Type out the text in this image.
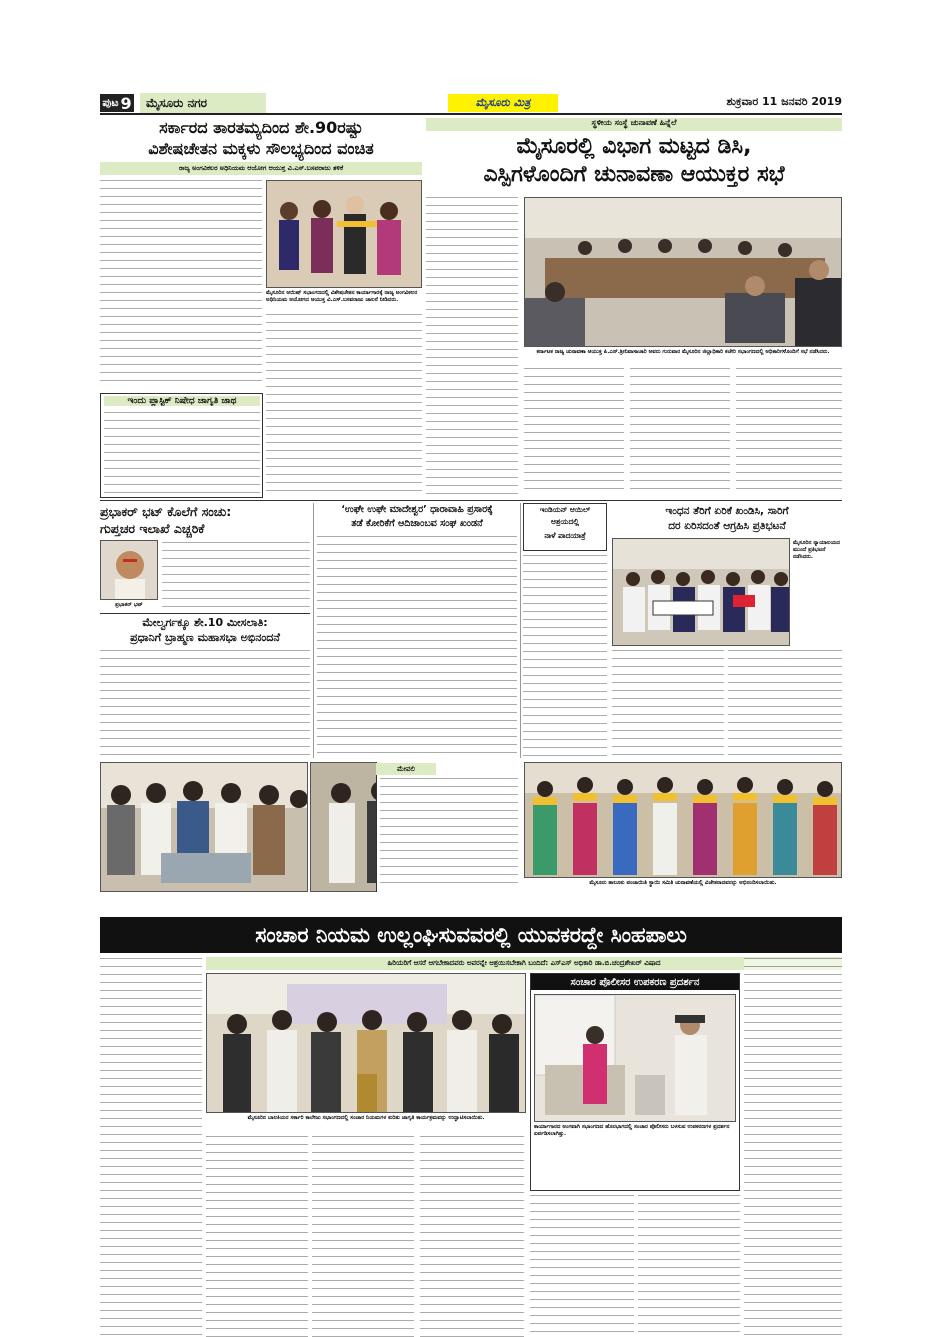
ಪುಟ 9	ಮೈಸೂರು ನಗರ	ಮೈಸೂರು ಮಿತ್ರ	ಶುಕ್ರವಾರ 11 ಜನವರಿ 2019
ಸರ್ಕಾರದ ತಾರತಮ್ಯದಿಂದ ಶೇ.90ರಷ್ಟು
ವಿಶೇಷಚೇತನ ಮಕ್ಕಳು ಸೌಲಭ್ಯದಿಂದ ವಂಚಿತ
ರಾಜ್ಯ ಅಂಗವಿಕಲರ ಅಧಿನಿಯಮ ಆಯೋಗ ಆಯುಕ್ತ ವಿ.ಎಸ್.ಬಸವರಾಜು ತಳಿಕೆ
ಮೈಸೂರಿನ ಆಯಿಷ್ ಸಭಾಂಗಣದಲ್ಲಿ ವಿಶೇಷಚೇತನ ಕಾರ್ಯಾಗಾರಕ್ಕೆ ರಾಜ್ಯ ಅಂಗವಿಕಲರ ಅಧಿನಿಯಮ ಆಯೋಗದ ಆಯುಕ್ತ ವಿ.ಎಸ್.ಬಸವರಾಜು ಚಾಲನೆ ನೀಡಿದರು.
ಇಂದು ಪ್ಲಾಸ್ಟಿಕ್ ನಿಷೇಧ ಜಾಗೃತಿ ಜಾಥ
ಸ್ಥಳೀಯ ಸಂಸ್ಥೆ ಚುನಾವಣೆ ಹಿನ್ನೆಲೆ
ಮೈಸೂರಲ್ಲಿ ವಿಭಾಗ ಮಟ್ಟದ ಡಿಸಿ,
ಎಸ್ಪಿಗಳೊಂದಿಗೆ ಚುನಾವಣಾ ಆಯುಕ್ತರ ಸಭೆ
ಕರ್ನಾಟಕ ರಾಜ್ಯ ಚುನಾವಣಾ ಆಯುಕ್ತ ಪಿ.ಎನ್.ಶ್ರೀನಿವಾಸಾಚಾರಿ ಅವರು ಗುರುವಾರ ಮೈಸೂರಿನ ಜಿಲ್ಲಾಧಿಕಾರಿ ಕಚೇರಿ ಸಭಾಂಗಣದಲ್ಲಿ ಅಧಿಕಾರಿಗಳೊಂದಿಗೆ ಸಭೆ ನಡೆಸಿದರು.
ಪ್ರಭಾಕರ್ ಭಟ್ ಕೊಲೆಗೆ ಸಂಚು:
ಗುಪ್ತಚರ ಇಲಾಖೆ ಎಚ್ಚರಿಕೆ
ಪ್ರಭಾಕರ್ ಭಟ್
ಮೇಲ್ವರ್ಗಕ್ಕೂ ಶೇ.10 ಮೀಸಲಾತಿ:
ಪ್ರಧಾನಿಗೆ ಬ್ರಾಹ್ಮಣ ಮಹಾಸಭಾ ಅಭಿನಂದನೆ
‘ಉಘೇ ಉಘೇ ಮಾದೇಶ್ವರ’ ಧಾರಾವಾಹಿ ಪ್ರಸಾರಕ್ಕೆ
ತಡೆ ಕೋರಿಕೆಗೆ ಆದಿಜಾಂಬವ ಸಂಘ ಖಂಡನೆ
ಇಂಡಿಯನ್ ಆಯಿಲ್
ಆಶ್ರಯದಲ್ಲಿ
ನಾಳೆ ಪಾದಯಾತ್ರೆ
ಇಂಧನ ತೆರಿಗೆ ಏರಿಕೆ ಖಂಡಿಸಿ, ಸಾರಿಗೆ
ದರ ಏರಿಸದಂತೆ ಆಗ್ರಹಿಸಿ ಪ್ರತಿಭಟನೆ
ಮೈಸೂರಿನ ನ್ಯಾಯಾಲಯದ ಮುಂದೆ ಪ್ರತಿಭಟನೆ ನಡೆಸಿದರು.
ಮೇವಲಿ
ಮೈಸೂರು ತಾಲೂಕು ಪಂಚಾಯಿತಿ ಸ್ಥಾಯಿ ಸಮಿತಿ ಚುನಾವಣೆಯಲ್ಲಿ ವಿಜೇತರಾದವರನ್ನು ಅಭಿನಂದಿಸಲಾಯಿತು.
ಸಂಚಾರ ನಿಯಮ ಉಲ್ಲಂಘಿಸುವವರಲ್ಲಿ ಯುವಕರದ್ದೇ ಸಿಂಹಪಾಲು
ಹಿರಿಯರಿಗೆ ಆಸರೆ ಆಗಬೇಕಾದವರು ಅವರನ್ನೇ ಆಶ್ರಯಿಸಬೇಕಾಗಿ ಬಂದಿದೆ: ಎಸ್‌ಎಸ್ ಅಧಿಕಾರಿ ಡಾ.ಬಿ.ಚಂದ್ರಶೇಖರ್ ವಿಷಾದ
ಮೈಸೂರಿನ ಬಾಲಕಿಯರ ಸರ್ಕಾರಿ ಕಾಲೇಜು ಸಭಾಂಗಣದಲ್ಲಿ ಸಂಚಾರ ನಿಯಮಗಳ ಕುರಿತು ಜಾಗೃತಿ ಕಾರ್ಯಕ್ರಮವನ್ನು ಉದ್ಘಾಟಿಸಲಾಯಿತು.
ಸಂಚಾರ ಪೊಲೀಸರ ಉಪಕರಣ ಪ್ರದರ್ಶನ
ಕಾರ್ಯಾಗಾರದ ಅಂಗವಾಗಿ ಸಭಾಂಗಣದ ಹೊರಭಾಗದಲ್ಲಿ ಸಂಚಾರ ಪೊಲೀಸರು ಬಳಸುವ ಉಪಕರಣಗಳ ಪ್ರದರ್ಶನ ಏರ್ಪಡಿಸಲಾಗಿತ್ತು.
